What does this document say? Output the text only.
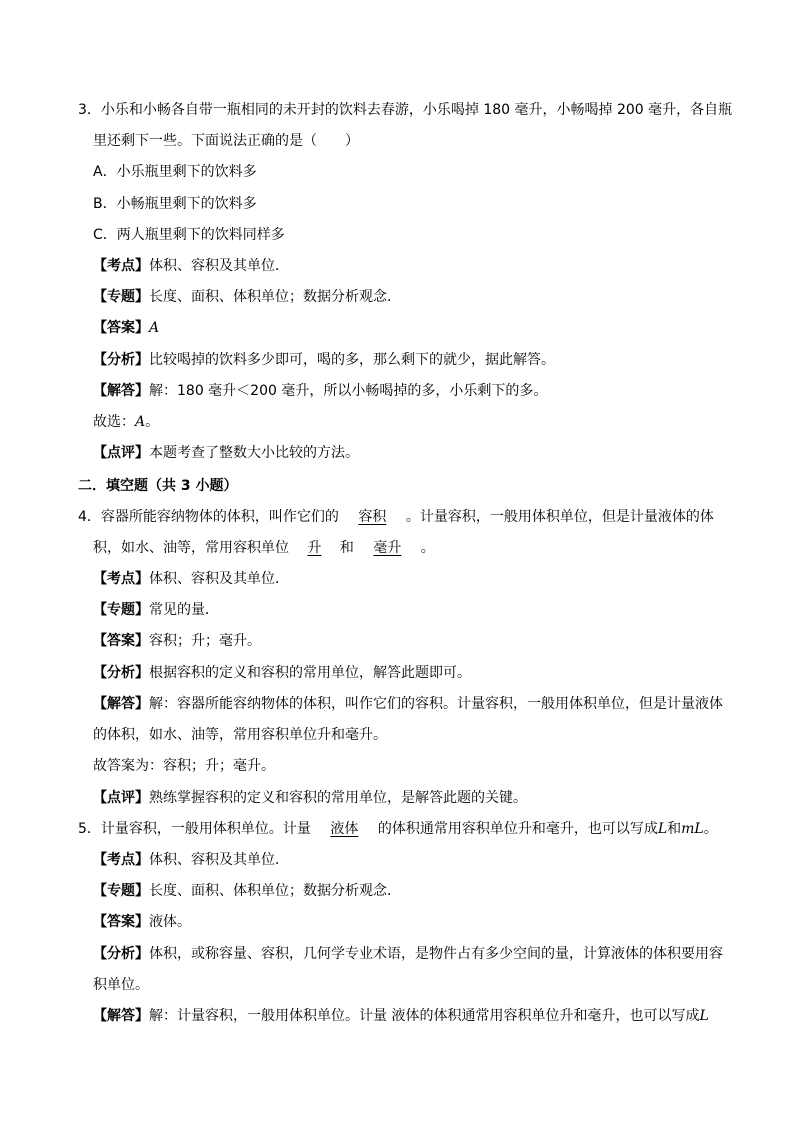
3．小乐和小畅各自带一瓶相同的未开封的饮料去春游，小乐喝掉 180 毫升，小畅喝掉 200 毫升，各自瓶
里还剩下一些。下面说法正确的是（　　）
A．小乐瓶里剩下的饮料多
B．小畅瓶里剩下的饮料多
C．两人瓶里剩下的饮料同样多
【考点】体积、容积及其单位．
【专题】长度、面积、体积单位；数据分析观念．
【答案】A
【分析】比较喝掉的饮料多少即可，喝的多，那么剩下的就少，据此解答。
【解答】解：180 毫升＜200 毫升，所以小畅喝掉的多，小乐剩下的多。
故选：A。
【点评】本题考查了整数大小比较的方法。
二．填空题（共 3 小题）
4．容器所能容纳物体的体积，叫作它们的 容积 。计量容积，一般用体积单位，但是计量液体的体
积，如水、油等，常用容积单位 升 和 毫升 。
【考点】体积、容积及其单位．
【专题】常见的量．
【答案】容积；升；毫升。
【分析】根据容积的定义和容积的常用单位，解答此题即可。
【解答】解：容器所能容纳物体的体积，叫作它们的容积。计量容积，一般用体积单位，但是计量液体
的体积，如水、油等，常用容积单位升和毫升。
故答案为：容积；升；毫升。
【点评】熟练掌握容积的定义和容积的常用单位，是解答此题的关键。
5．计量容积，一般用体积单位。计量 液体 的体积通常用容积单位升和毫升，也可以写成L和mL。
【考点】体积、容积及其单位．
【专题】长度、面积、体积单位；数据分析观念．
【答案】液体。
【分析】体积，或称容量、容积，几何学专业术语，是物件占有多少空间的量，计算液体的体积要用容
积单位。
【解答】解：计量容积，一般用体积单位。计量 液体的体积通常用容积单位升和毫升，也可以写成L
